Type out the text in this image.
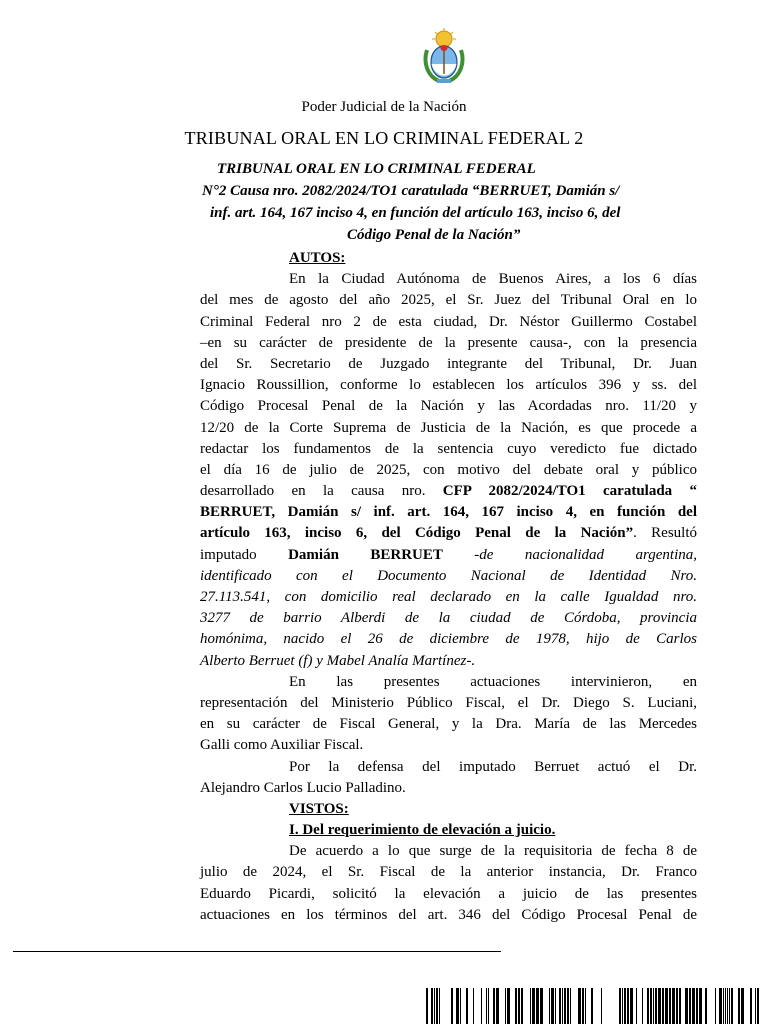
Poder Judicial de la Nación
TRIBUNAL ORAL EN LO CRIMINAL FEDERAL 2
TRIBUNAL ORAL EN LO CRIMINAL FEDERAL
N°2 Causa nro. 2082/2024/TO1 caratulada “BERRUET, Damián s/
inf. art. 164, 167 inciso 4, en función del artículo 163, inciso 6, del
Código Penal de la Nación”
AUTOS:
En la Ciudad Autónoma de Buenos Aires, a los 6 días
del mes de agosto del año 2025, el Sr. Juez del Tribunal Oral en lo
Criminal Federal nro 2 de esta ciudad, Dr. Néstor Guillermo Costabel
–en su carácter de presidente de la presente causa-, con la presencia
del Sr. Secretario de Juzgado integrante del Tribunal, Dr. Juan
Ignacio Roussillion, conforme lo establecen los artículos 396 y ss. del
Código Procesal Penal de la Nación y las Acordadas nro. 11/20 y
12/20 de la Corte Suprema de Justicia de la Nación, es que procede a
redactar los fundamentos de la sentencia cuyo veredicto fue dictado
el día 16 de julio de 2025, con motivo del debate oral y público
desarrollado en la causa nro. CFP 2082/2024/TO1 caratulada “
BERRUET, Damián s/ inf. art. 164, 167 inciso 4, en función del
artículo 163, inciso 6, del Código Penal de la Nación”. Resultó
imputado Damián BERRUET -de nacionalidad argentina,
identificado con el Documento Nacional de Identidad Nro.
27.113.541, con domicilio real declarado en la calle Igualdad nro.
3277 de barrio Alberdi de la ciudad de Córdoba, provincia
homónima, nacido el 26 de diciembre de 1978, hijo de Carlos
Alberto Berruet (f) y Mabel Analía Martínez-.
En las presentes actuaciones intervinieron, en
representación del Ministerio Público Fiscal, el Dr. Diego S. Luciani,
en su carácter de Fiscal General, y la Dra. María de las Mercedes
Galli como Auxiliar Fiscal.
Por la defensa del imputado Berruet actuó el Dr.
Alejandro Carlos Lucio Palladino.
VISTOS:
I. Del requerimiento de elevación a juicio.
De acuerdo a lo que surge de la requisitoria de fecha 8 de
julio de 2024, el Sr. Fiscal de la anterior instancia, Dr. Franco
Eduardo Picardi, solicitó la elevación a juicio de las presentes
actuaciones en los términos del art. 346 del Código Procesal Penal de
